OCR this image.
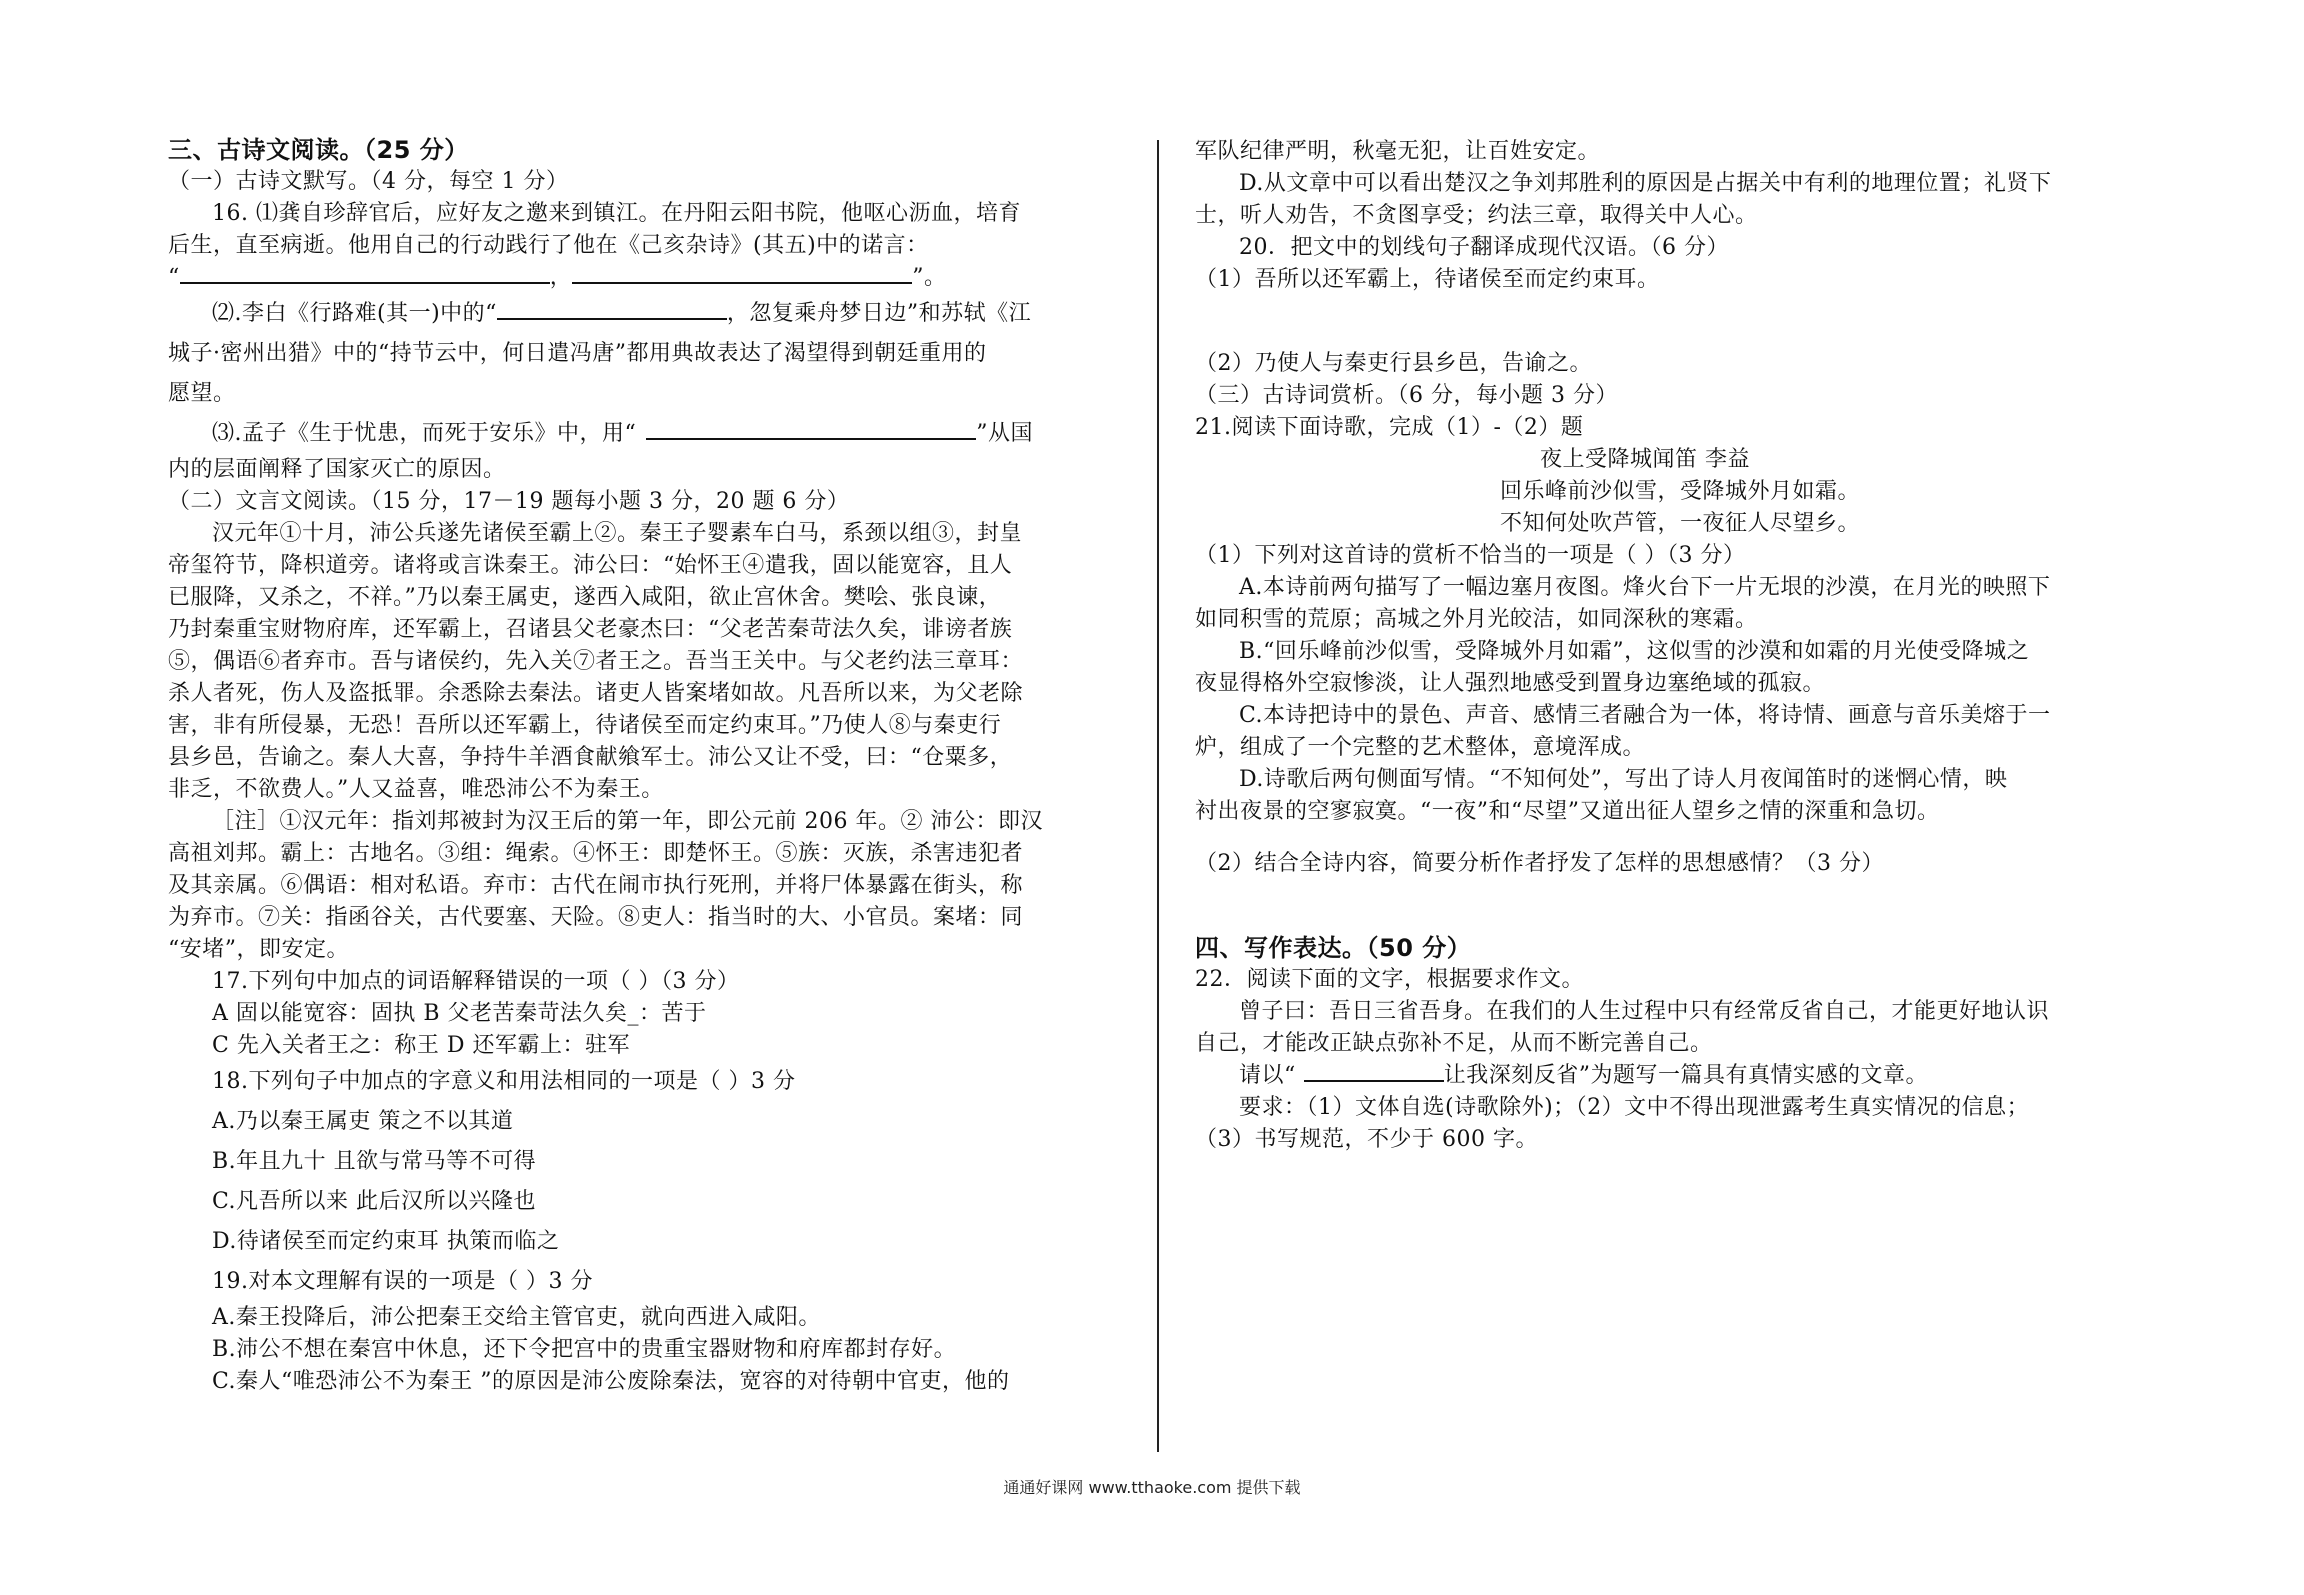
三、古诗文阅读。（25 分）
（一）古诗文默写。（4 分，每空 1 分）
16. ⑴龚自珍辞官后，应好友之邀来到镇江。在丹阳云阳书院，他呕心沥血，培育
后生，直至病逝。他用自己的行动践行了他在《己亥杂诗》(其五)中的诺言：
“	，	”。
⑵.李白《行路难(其一)中的“	，忽复乘舟梦日边”和苏轼《江
城子·密州出猎》中的“持节云中，何日遣冯唐”都用典故表达了渴望得到朝廷重用的
愿望。
⑶.孟子《生于忧患，而死于安乐》中，用“	”从国
内的层面阐释了国家灭亡的原因。
（二）文言文阅读。（15 分，17－19 题每小题 3 分，20 题 6 分）
汉元年①十月，沛公兵遂先诸侯至霸上②。秦王子婴素车白马，系颈以组③，封皇
帝玺符节，降枳道旁。诸将或言诛秦王。沛公曰：“始怀王④遣我，固以能宽容，且人
已服降，又杀之，不祥。”乃以秦王属吏，遂西入咸阳，欲止宫休舍。樊哙、张良谏，
乃封秦重宝财物府库，还军霸上，召诸县父老豪杰曰：“父老苦秦苛法久矣，诽谤者族
⑤，偶语⑥者弃市。吾与诸侯约，先入关⑦者王之。吾当王关中。与父老约法三章耳：
杀人者死，伤人及盗抵罪。余悉除去秦法。诸吏人皆案堵如故。凡吾所以来，为父老除
害，非有所侵暴，无恐！吾所以还军霸上，待诸侯至而定约束耳。”乃使人⑧与秦吏行
县乡邑，告谕之。秦人大喜，争持牛羊酒食献飨军士。沛公又让不受，曰：“仓粟多，
非乏，不欲费人。”人又益喜，唯恐沛公不为秦王。
［注］①汉元年：指刘邦被封为汉王后的第一年，即公元前 206 年。② 沛公：即汉
高祖刘邦。霸上：古地名。③组：绳索。④怀王：即楚怀王。⑤族：灭族，杀害违犯者
及其亲属。⑥偶语：相对私语。弃市：古代在闹市执行死刑，并将尸体暴露在街头，称
为弃市。⑦关：指函谷关，古代要塞、天险。⑧吏人：指当时的大、小官员。案堵：同
“安堵”，即安定。
17.下列句中加点的词语解释错误的一项（ ）（3 分）
A 固以能宽容：固执 B 父老苦秦苛法久矣_：苦于
C 先入关者王之：称王 D 还军霸上：驻军
18.下列句子中加点的字意义和用法相同的一项是（ ）3 分
A.乃以秦王属吏 策之不以其道
B.年且九十 且欲与常马等不可得
C.凡吾所以来 此后汉所以兴隆也
D.待诸侯至而定约束耳 执策而临之
19.对本文理解有误的一项是（ ）3 分
A.秦王投降后，沛公把秦王交给主管官吏，就向西进入咸阳。
B.沛公不想在秦宫中休息，还下令把宫中的贵重宝器财物和府库都封存好。
C.秦人“唯恐沛公不为秦王 ”的原因是沛公废除秦法，宽容的对待朝中官吏，他的
军队纪律严明，秋毫无犯，让百姓安定。
D.从文章中可以看出楚汉之争刘邦胜利的原因是占据关中有利的地理位置；礼贤下
士，听人劝告，不贪图享受；约法三章，取得关中人心。
20．把文中的划线句子翻译成现代汉语。（6 分）
（1）吾所以还军霸上，待诸侯至而定约束耳。
（2）乃使人与秦吏行县乡邑，告谕之。
（三）古诗词赏析。（6 分，每小题 3 分）
21.阅读下面诗歌，完成（1）-（2）题
夜上受降城闻笛 李益
回乐峰前沙似雪，受降城外月如霜。
不知何处吹芦管，一夜征人尽望乡。
（1）下列对这首诗的赏析不恰当的一项是（ ）（3 分）
A.本诗前两句描写了一幅边塞月夜图。烽火台下一片无垠的沙漠，在月光的映照下
如同积雪的荒原；高城之外月光皎洁，如同深秋的寒霜。
B.“回乐峰前沙似雪，受降城外月如霜”，这似雪的沙漠和如霜的月光使受降城之
夜显得格外空寂惨淡，让人强烈地感受到置身边塞绝域的孤寂。
C.本诗把诗中的景色、声音、感情三者融合为一体，将诗情、画意与音乐美熔于一
炉，组成了一个完整的艺术整体，意境浑成。
D.诗歌后两句侧面写情。“不知何处”，写出了诗人月夜闻笛时的迷惘心情，映
衬出夜景的空寥寂寞。“一夜”和“尽望”又道出征人望乡之情的深重和急切。
（2）结合全诗内容，简要分析作者抒发了怎样的思想感情？（3 分）
四、写作表达。（50 分）
22．阅读下面的文字，根据要求作文。
曾子曰：吾日三省吾身。在我们的人生过程中只有经常反省自己，才能更好地认识
自己，才能改正缺点弥补不足，从而不断完善自己。
请以“	让我深刻反省”为题写一篇具有真情实感的文章。
要求：（1）文体自选(诗歌除外)；（2）文中不得出现泄露考生真实情况的信息；
（3）书写规范，不少于 600 字。
通通好课网 www.tthaoke.com 提供下载
